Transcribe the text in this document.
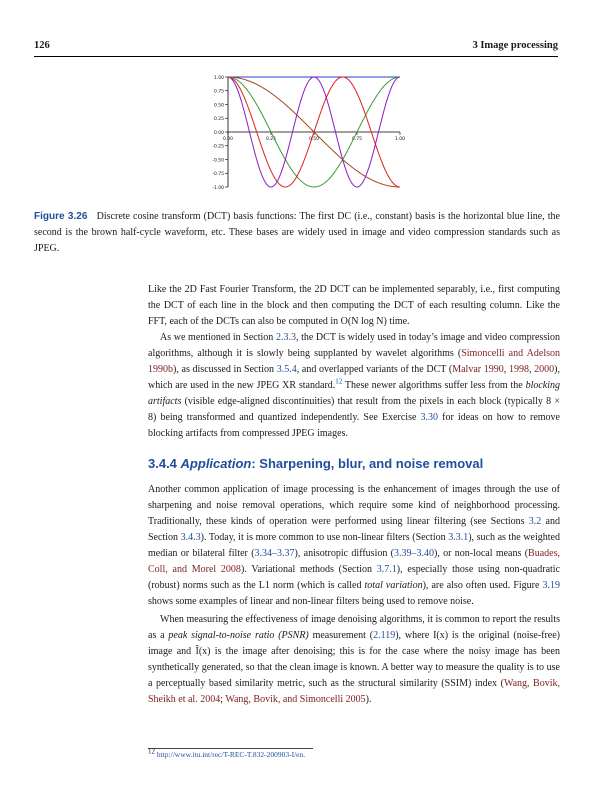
126	3 Image processing
1.00
0.75
0.50
0.25
0.00
-0.25
-0.50
-0.75
-1.00
0.00	0.25	0.50	0.75	1.00
Figure 3.26 Discrete cosine transform (DCT) basis functions: The first DC (i.e., constant) basis is the horizontal blue line, the second is the brown half-cycle waveform, etc. These bases are widely used in image and video compression standards such as JPEG.
Like the 2D Fast Fourier Transform, the 2D DCT can be implemented separably, i.e., first computing the DCT of each line in the block and then computing the DCT of each resulting column. Like the FFT, each of the DCTs can also be computed in O(N log N) time.
As we mentioned in Section 2.3.3, the DCT is widely used in today’s image and video compression algorithms, although it is slowly being supplanted by wavelet algorithms (Simoncelli and Adelson 1990b), as discussed in Section 3.5.4, and overlapped variants of the DCT (Malvar 1990, 1998, 2000), which are used in the new JPEG XR standard.$^{12}$ These newer algorithms suffer less from the blocking artifacts (visible edge-aligned discontinuities) that result from the pixels in each block (typically 8 × 8) being transformed and quantized independently. See Exercise 3.30 for ideas on how to remove blocking artifacts from compressed JPEG images.
3.4.4 Application: Sharpening, blur, and noise removal
Another common application of image processing is the enhancement of images through the use of sharpening and noise removal operations, which require some kind of neighborhood processing. Traditionally, these kinds of operation were performed using linear filtering (see Sections 3.2 and Section 3.4.3). Today, it is more common to use non-linear filters (Section 3.3.1), such as the weighted median or bilateral filter (3.34–3.37), anisotropic diffusion (3.39–3.40), or non-local means (Buades, Coll, and Morel 2008). Variational methods (Section 3.7.1), especially those using non-quadratic (robust) norms such as the L1 norm (which is called total variation), are also often used. Figure 3.19 shows some examples of linear and non-linear filters being used to remove noise.
When measuring the effectiveness of image denoising algorithms, it is common to report the results as a peak signal-to-noise ratio (PSNR) measurement (2.119), where I(x) is the original (noise-free) image and Î(x) is the image after denoising; this is for the case where the noisy image has been synthetically generated, so that the clean image is known. A better way to measure the quality is to use a perceptually based similarity metric, such as the structural similarity (SSIM) index (Wang, Bovik, Sheikh et al. 2004; Wang, Bovik, and Simoncelli 2005).
$^{12}$ http://www.itu.int/rec/T-REC-T.832-200903-I/en.
